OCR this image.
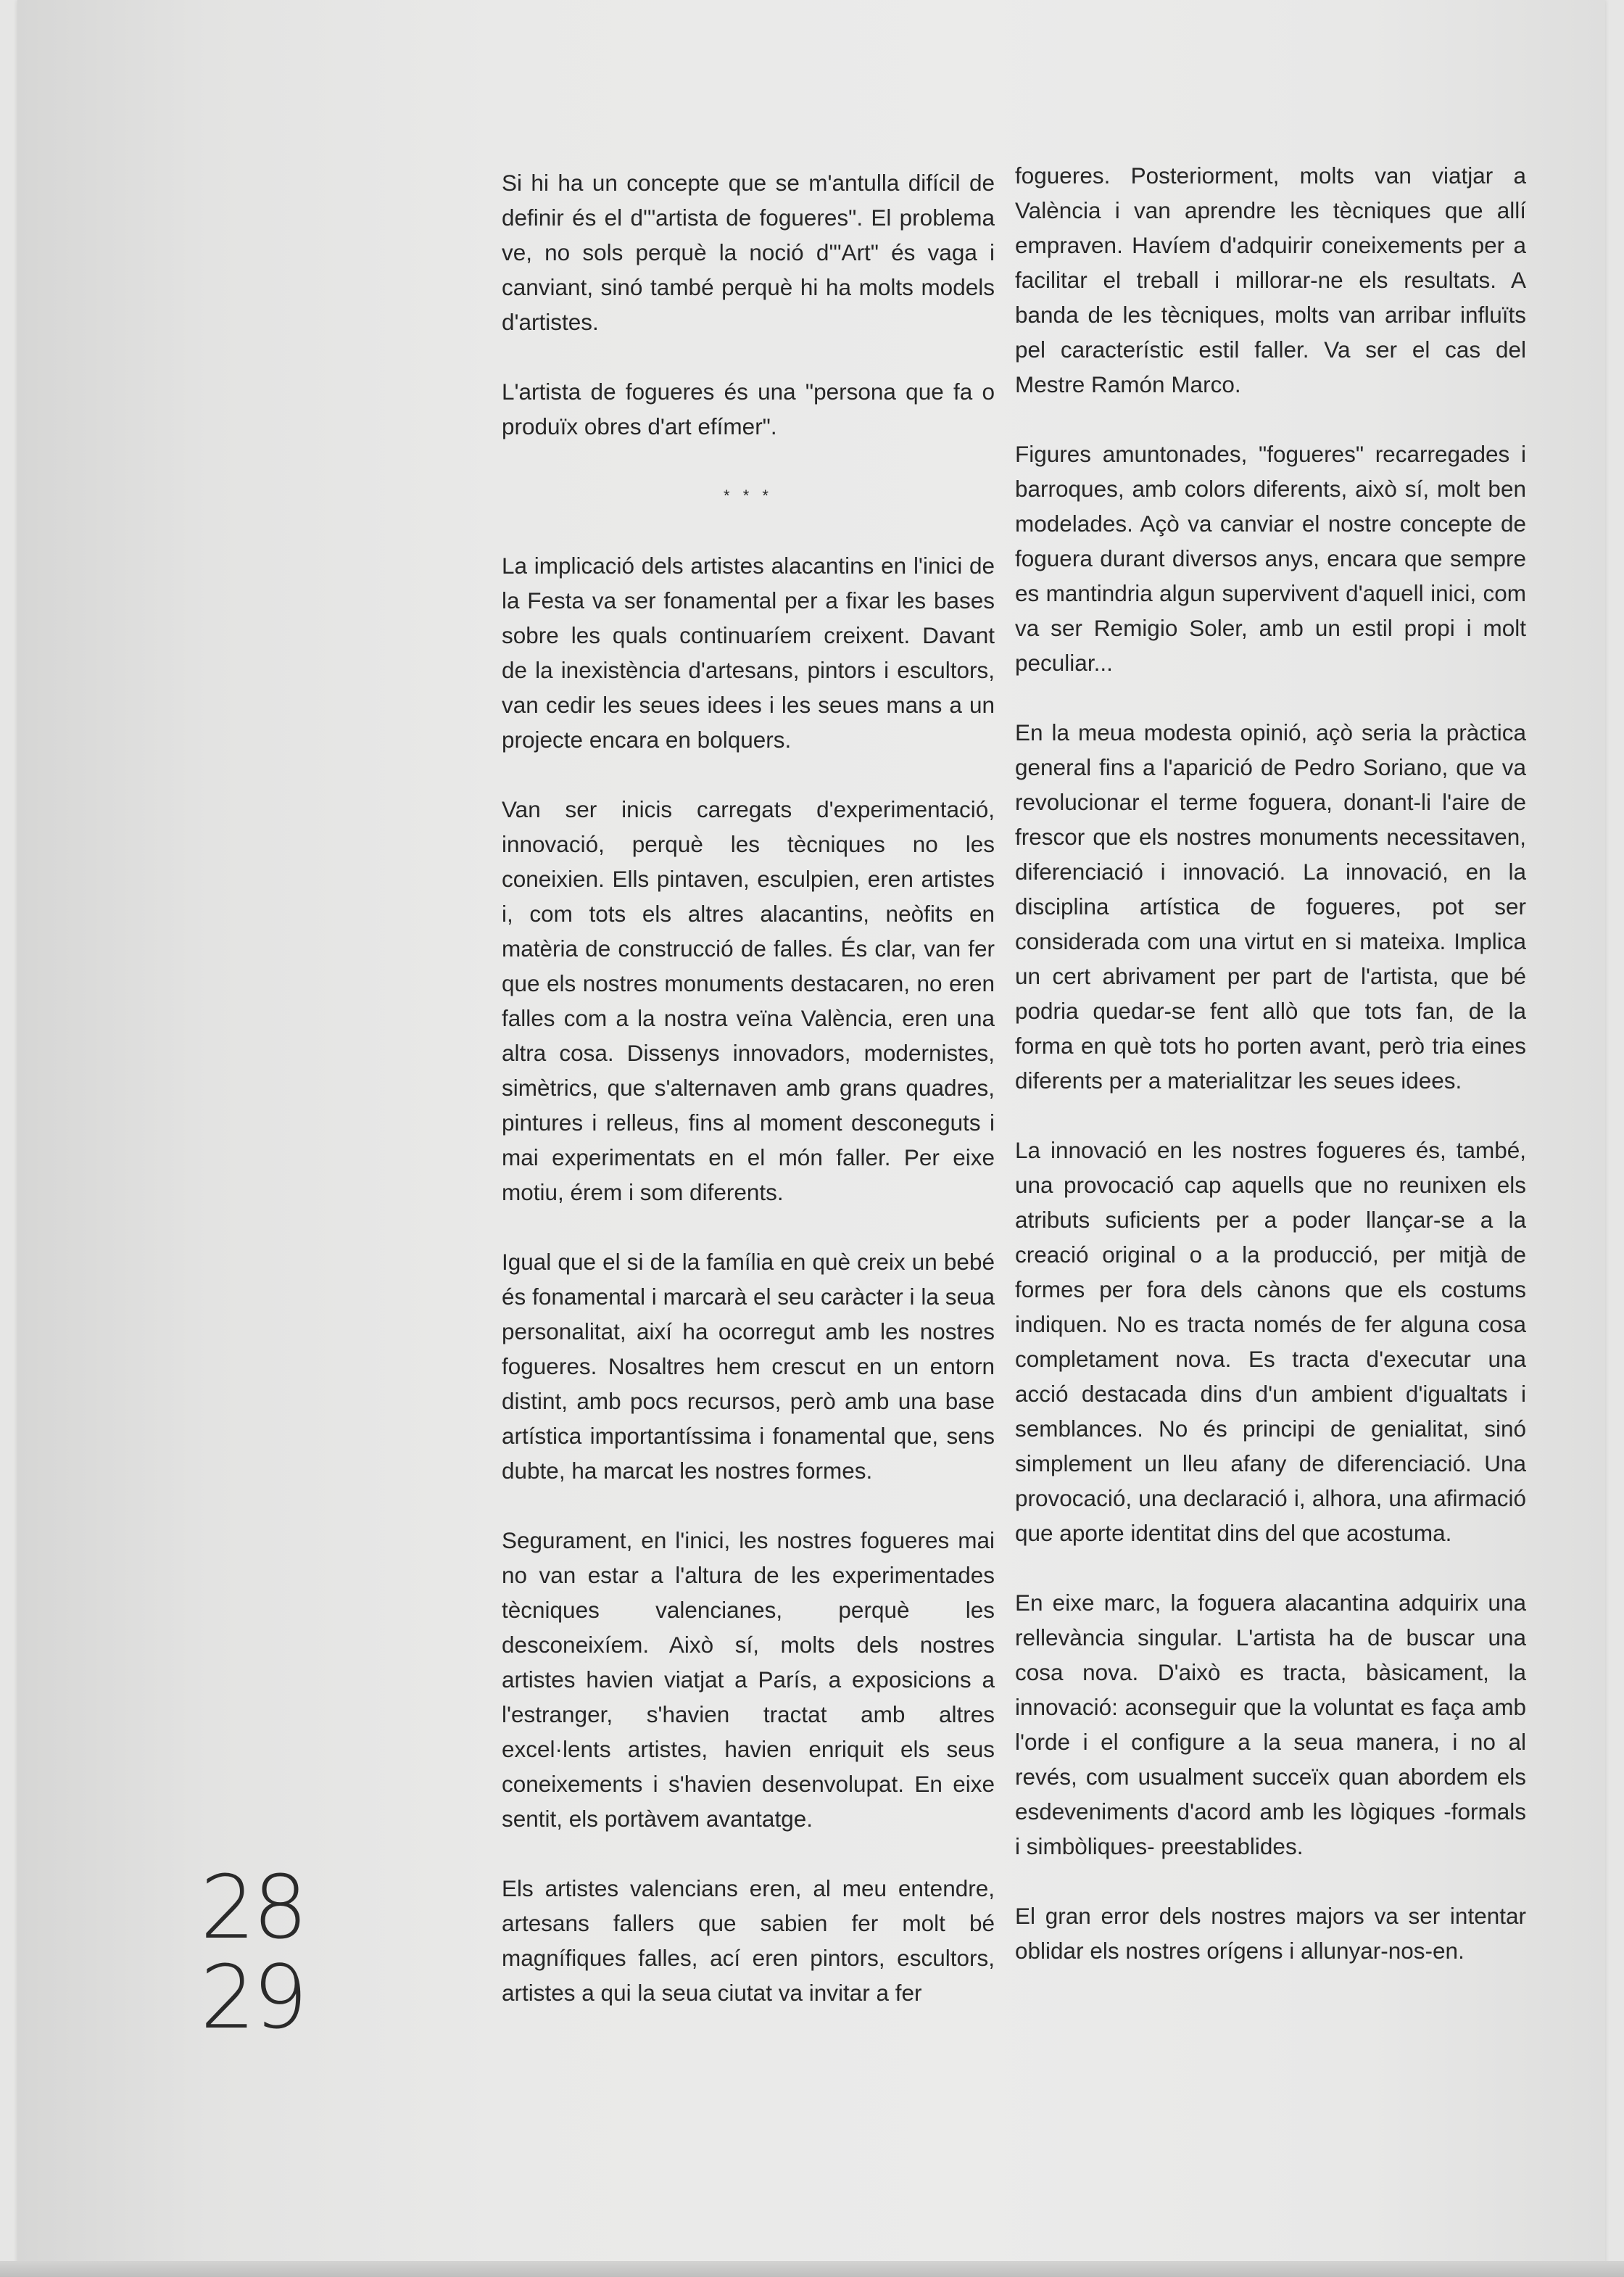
28
29

Si hi ha un concepte que se m'antulla difícil de definir és el d'"artista de fogueres". El problema ve, no sols perquè la noció d'"Art" és vaga i canviant, sinó també perquè hi ha molts models d'artistes.

L'artista de fogueres és una "persona que fa o produïx obres d'art efímer".

* * *

La implicació dels artistes alacantins en l'inici de la Festa va ser fonamental per a fixar les bases sobre les quals continuaríem creixent. Davant de la inexistència d'artesans, pintors i escultors, van cedir les seues idees i les seues mans a un projecte encara en bolquers.

Van ser inicis carregats d'experimentació, innovació, perquè les tècniques no les coneixien. Ells pintaven, esculpien, eren artistes i, com tots els altres alacantins, neòfits en matèria de construcció de falles. És clar, van fer que els nostres monuments destacaren, no eren falles com a la nostra veïna València, eren una altra cosa. Dissenys innovadors, modernistes, simètrics, que s'alternaven amb grans quadres, pintures i relleus, fins al moment desconeguts i mai experimentats en el món faller. Per eixe motiu, érem i som diferents.

Igual que el si de la família en què creix un bebé és fonamental i marcarà el seu caràcter i la seua personalitat, així ha ocorregut amb les nostres fogueres. Nosaltres hem crescut en un entorn distint, amb pocs recursos, però amb una base artística importantíssima i fonamental que, sens dubte, ha marcat les nostres formes.

Segurament, en l'inici, les nostres fogueres mai no van estar a l'altura de les experimentades tècniques valencianes, perquè les desconeixíem. Això sí, molts dels nostres artistes havien viatjat a París, a exposicions a l'estranger, s'havien tractat amb altres excel·lents artistes, havien enriquit els seus coneixements i s'havien desenvolupat. En eixe sentit, els portàvem avantatge.

Els artistes valencians eren, al meu entendre, artesans fallers que sabien fer molt bé magnífiques falles, ací eren pintors, escultors, artistes a qui la seua ciutat va invitar a fer

fogueres. Posteriorment, molts van viatjar a València i van aprendre les tècniques que allí empraven. Havíem d'adquirir coneixements per a facilitar el treball i millorar-ne els resultats. A banda de les tècniques, molts van arribar influïts pel característic estil faller. Va ser el cas del Mestre Ramón Marco.

Figures amuntonades, "fogueres" recarregades i barroques, amb colors diferents, això sí, molt ben modelades. Açò va canviar el nostre concepte de foguera durant diversos anys, encara que sempre es mantindria algun supervivent d'aquell inici, com va ser Remigio Soler, amb un estil propi i molt peculiar...

En la meua modesta opinió, açò seria la pràctica general fins a l'aparició de Pedro Soriano, que va revolucionar el terme foguera, donant-li l'aire de frescor que els nostres monuments necessitaven, diferenciació i innovació. La innovació, en la disciplina artística de fogueres, pot ser considerada com una virtut en si mateixa. Implica un cert abrivament per part de l'artista, que bé podria quedar-se fent allò que tots fan, de la forma en què tots ho porten avant, però tria eines diferents per a materialitzar les seues idees.

La innovació en les nostres fogueres és, també, una provocació cap aquells que no reunixen els atributs suficients per a poder llançar-se a la creació original o a la producció, per mitjà de formes per fora dels cànons que els costums indiquen. No es tracta només de fer alguna cosa completament nova. Es tracta d'executar una acció destacada dins d'un ambient d'igualtats i semblances. No és principi de genialitat, sinó simplement un lleu afany de diferenciació. Una provocació, una declaració i, alhora, una afirmació que aporte identitat dins del que acostuma.

En eixe marc, la foguera alacantina adquirix una rellevància singular. L'artista ha de buscar una cosa nova. D'això es tracta, bàsicament, la innovació: aconseguir que la voluntat es faça amb l'orde i el configure a la seua manera, i no al revés, com usualment succeïx quan abordem els esdeveniments d'acord amb les lògiques -formals i simbòliques- preestablides.

El gran error dels nostres majors va ser intentar oblidar els nostres orígens i allunyar-nos-en.
